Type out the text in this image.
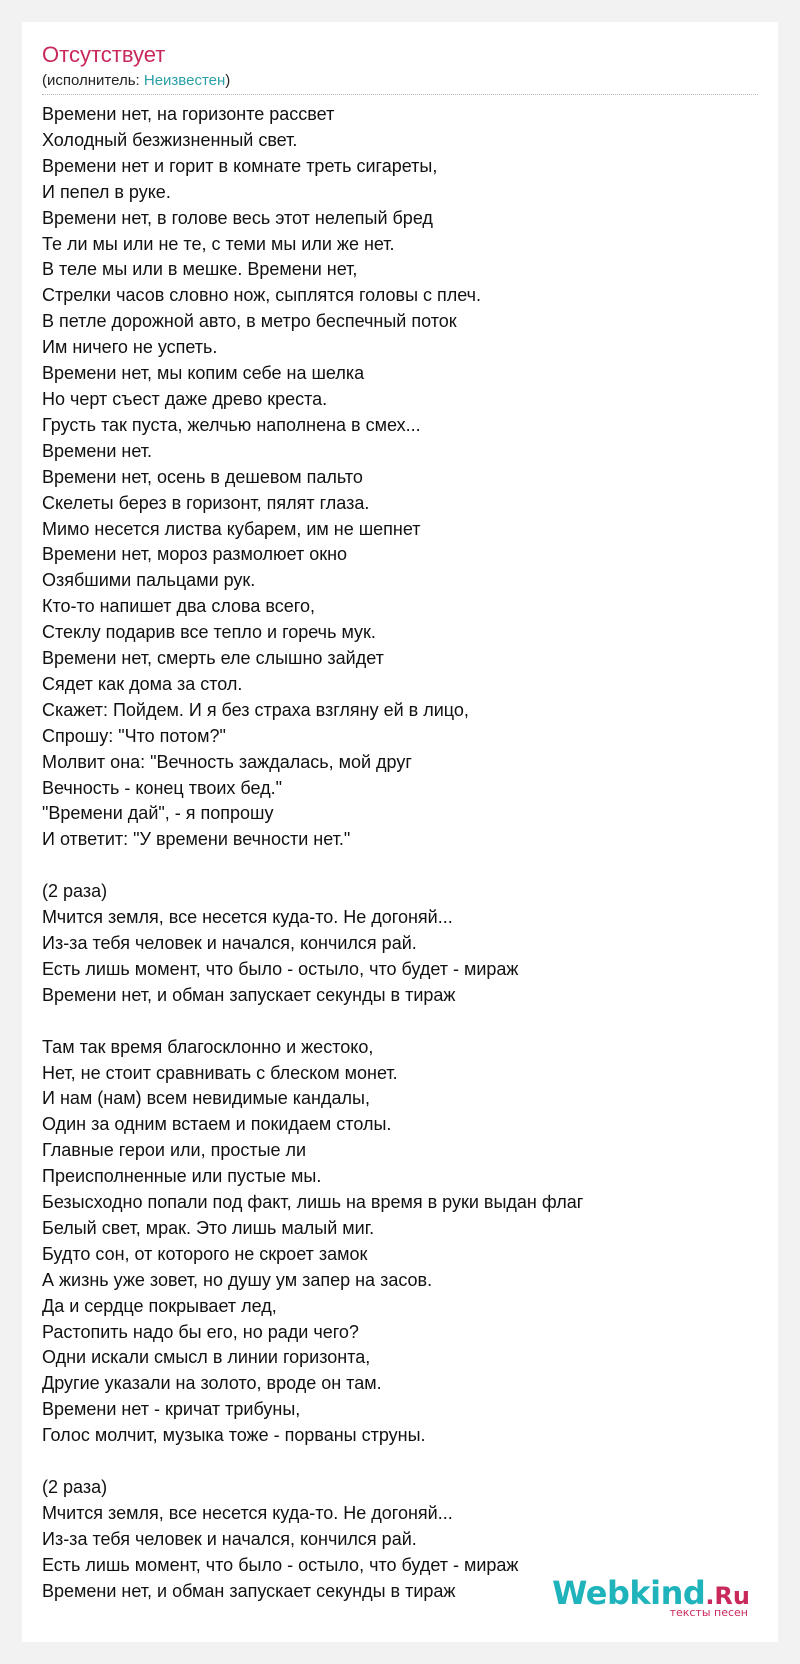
Отсутствует
(исполнитель: Неизвестен)
Времени нет, на горизонте рассвет
Холодный безжизненный свет.
Времени нет и горит в комнате треть сигареты,
И пепел в руке.
Времени нет, в голове весь этот нелепый бред
Те ли мы или не те, с теми мы или же нет.
В теле мы или в мешке. Времени нет,
Стрелки часов словно нож, сыплятся головы с плеч.
В петле дорожной авто, в метро беспечный поток
Им ничего не успеть.
Времени нет, мы копим себе на шелка
Но черт съест даже древо креста.
Грусть так пуста, желчью наполнена в смех...
Времени нет.
Времени нет, осень в дешевом пальто
Скелеты берез в горизонт, пялят глаза.
Мимо несется листва кубарем, им не шепнет
Времени нет, мороз размолюет окно
Озябшими пальцами рук.
Кто-то напишет два слова всего,
Стеклу подарив все тепло и горечь мук.
Времени нет, смерть еле слышно зайдет
Сядет как дома за стол.
Скажет: Пойдем. И я без страха взгляну ей в лицо,
Спрошу: "Что потом?"
Молвит она: "Вечность заждалась, мой друг
Вечность - конец твоих бед."
"Времени дай", - я попрошу
И ответит: "У времени вечности нет."
(2 раза)
Мчится земля, все несется куда-то. Не догоняй...
Из-за тебя человек и начался, кончился рай.
Есть лишь момент, что было - остыло, что будет - мираж
Времени нет, и обман запускает секунды в тираж
Там так время благосклонно и жестоко,
Нет, не стоит сравнивать с блеском монет.
И нам (нам) всем невидимые кандалы,
Один за одним встаем и покидаем столы.
Главные герои или, простые ли
Преисполненные или пустые мы.
Безысходно попали под факт, лишь на время в руки выдан флаг
Белый свет, мрак. Это лишь малый миг.
Будто сон, от которого не скроет замок
А жизнь уже зовет, но душу ум запер на засов.
Да и сердце покрывает лед,
Растопить надо бы его, но ради чего?
Одни искали смысл в линии горизонта,
Другие указали на золото, вроде он там.
Времени нет - кричат трибуны,
Голос молчит, музыка тоже - порваны струны.
(2 раза)
Мчится земля, все несется куда-то. Не догоняй...
Из-за тебя человек и начался, кончился рай.
Есть лишь момент, что было - остыло, что будет - мираж
Времени нет, и обман запускает секунды в тираж	Webkind.Ru
тексты песен
